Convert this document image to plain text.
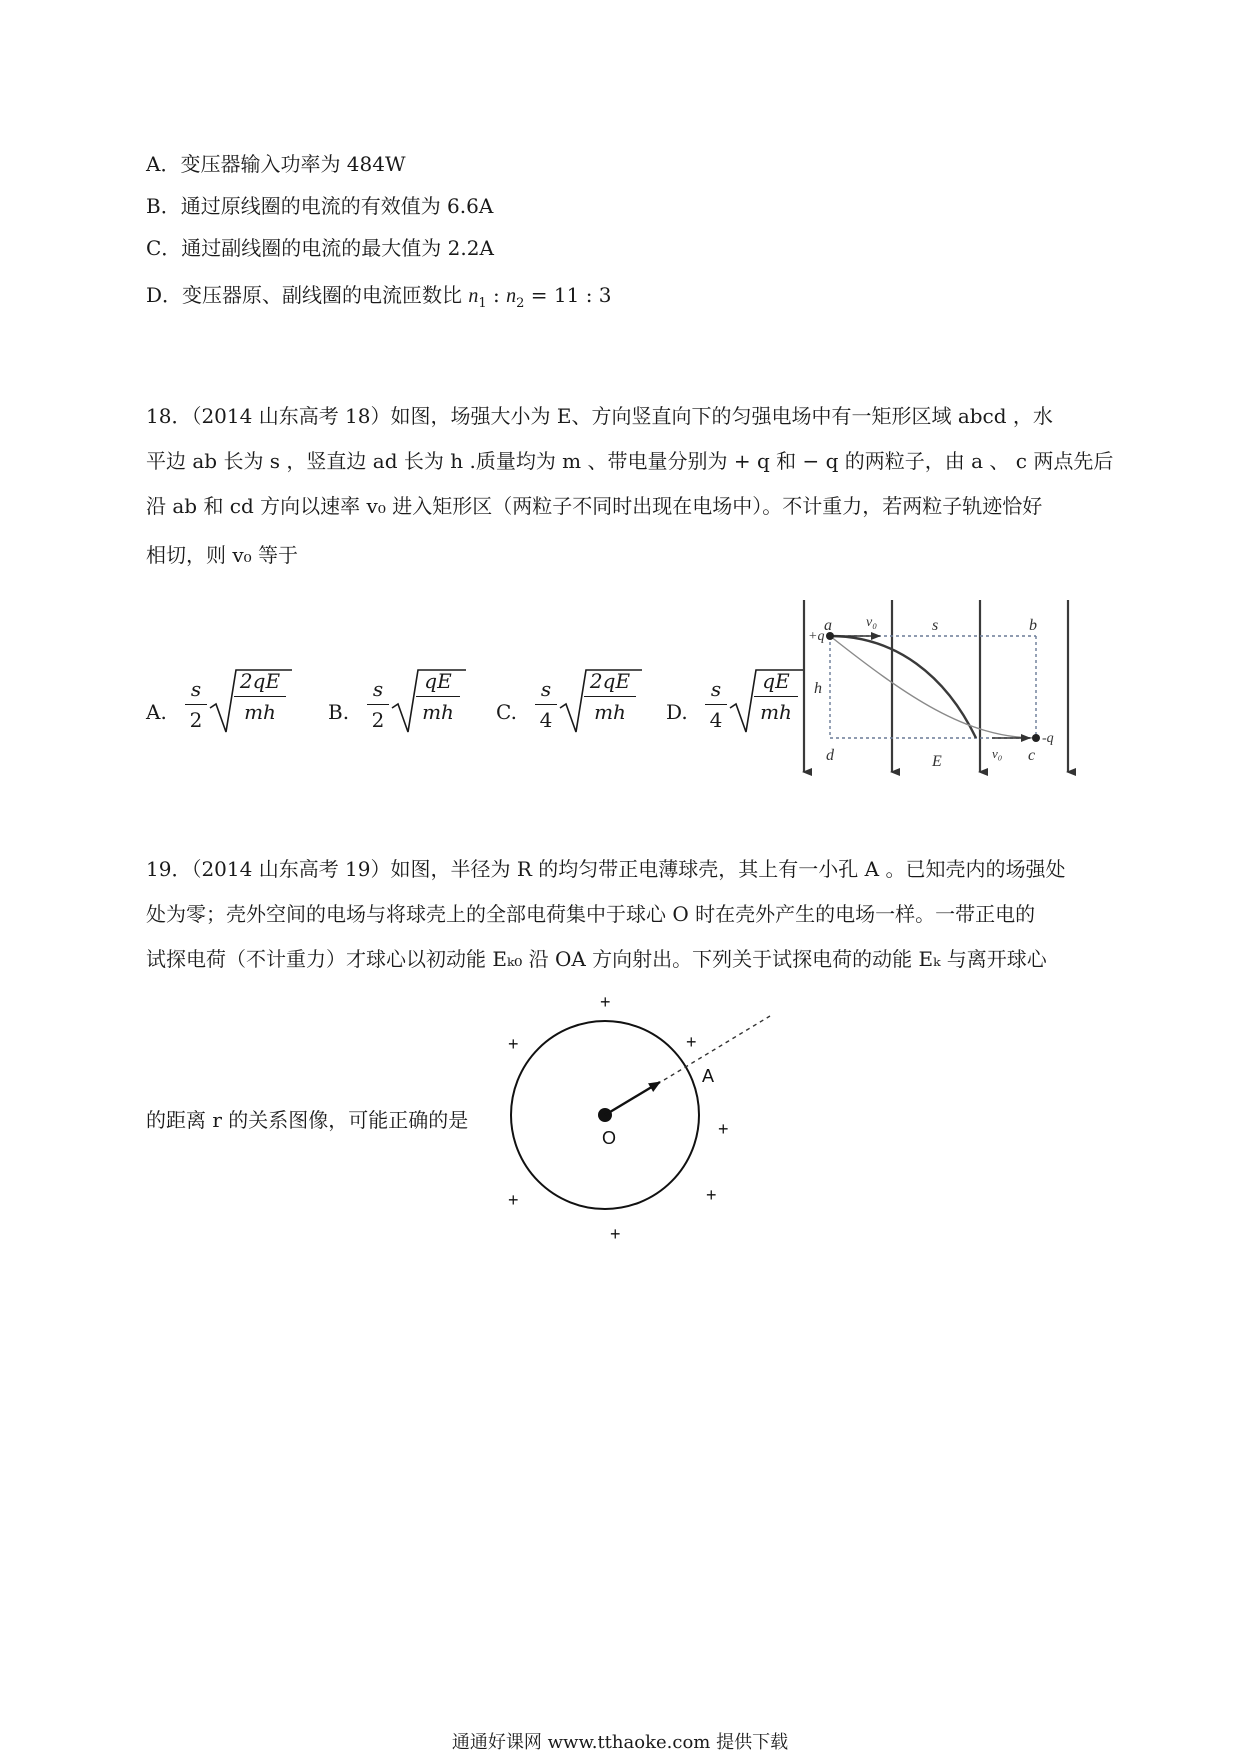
A．变压器输入功率为 484W
B．通过原线圈的电流的有效值为 6.6A
C．通过副线圈的电流的最大值为 2.2A
D．变压器原、副线圈的电流匝数比 $n_1$ : $n_2 = 11$ : 3
18．（2014 山东高考 18）如图，场强大小为 E、方向竖直向下的匀强电场中有一矩形区域 abcd ，水
平边 ab 长为 s ，竖直边 ad 长为 h .质量均为 m 、带电量分别为 + q 和 − q 的两粒子，由 a 、 c 两点先后
沿 ab 和 cd 方向以速率 v₀ 进入矩形区（两粒子不同时出现在电场中）。不计重力，若两粒子轨迹恰好
相切，则 v₀ 等于
A.
s
2
2qE
mh	B.
s
2
qE
mh	C.
s
4
2qE
mh	D.
s
4
qE
mh
a
+q
v₀	s	b
h
d	E	v₀ c
-q
19．（2014 山东高考 19）如图，半径为 R 的均匀带正电薄球壳，其上有一小孔 A 。已知壳内的场强处
处为零；壳外空间的电场与将球壳上的全部电荷集中于球心 O 时在壳外产生的电场一样。一带正电的
试探电荷（不计重力）才球心以初动能 Eₖ₀ 沿 OA 方向射出。下列关于试探电荷的动能 Eₖ 与离开球心
的距离 r 的关系图像，可能正确的是
O
A
+
+	+
+
+
+
+
通通好课网 www.tthaoke.com 提供下载
